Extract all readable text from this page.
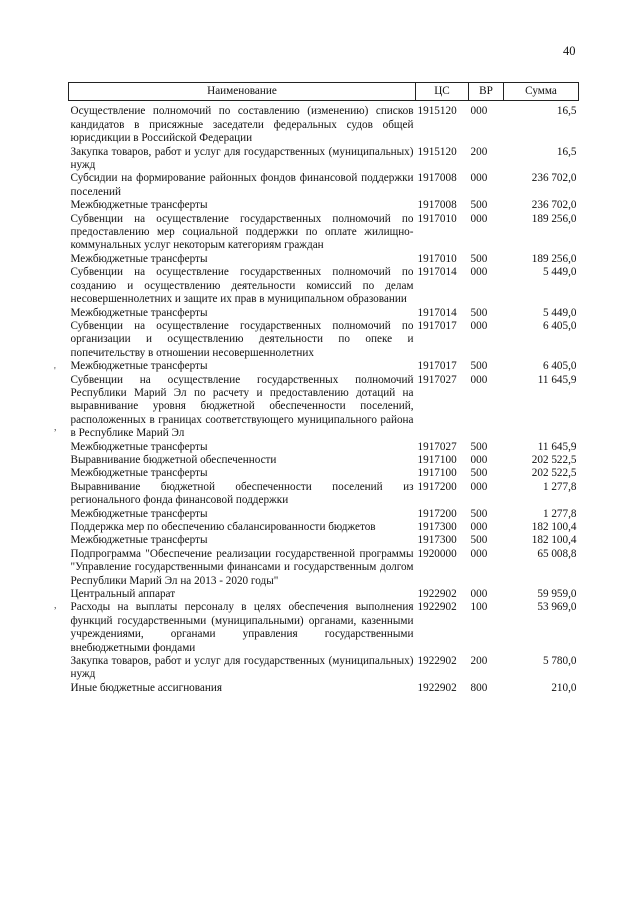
40
'
,
,
Наименование	ЦС	ВР	Сумма
Осуществление полномочий по составлению (изменению) списков кандидатов в присяжные заседатели федеральных судов общей юрисдикции в Российской Федерации	1915120	000	16,5
Закупка товаров, работ и услуг для государственных (муниципальных) нужд	1915120	200	16,5
Субсидии на формирование районных фондов финансовой поддержки поселений	1917008	000	236 702,0
Межбюджетные трансферты	1917008	500	236 702,0
Субвенции на осуществление государственных полномочий по предоставлению мер социальной поддержки по оплате жилищно-коммунальных услуг некоторым категориям граждан	1917010	000	189 256,0
Межбюджетные трансферты	1917010	500	189 256,0
Субвенции на осуществление государственных полномочий по созданию и осуществлению деятельности комиссий по делам несовершеннолетних и защите их прав в муниципальном образовании	1917014	000	5 449,0
Межбюджетные трансферты	1917014	500	5 449,0
Субвенции на осуществление государственных полномочий по организации и осуществлению деятельности по опеке и попечительству в отношении несовершеннолетних	1917017	000	6 405,0
Межбюджетные трансферты	1917017	500	6 405,0
Субвенции на осуществление государственных полномочий Республики Марий Эл по расчету и предоставлению дотаций на выравнивание уровня бюджетной обеспеченности поселений, расположенных в границах соответствующего муниципального района в Республике Марий Эл	1917027	000	11 645,9
Межбюджетные трансферты	1917027	500	11 645,9
Выравнивание бюджетной обеспеченности	1917100	000	202 522,5
Межбюджетные трансферты	1917100	500	202 522,5
Выравнивание бюджетной обеспеченности поселений из регионального фонда финансовой поддержки	1917200	000	1 277,8
Межбюджетные трансферты	1917200	500	1 277,8
Поддержка мер по обеспечению сбалансированности бюджетов	1917300	000	182 100,4
Межбюджетные трансферты	1917300	500	182 100,4
Подпрограмма "Обеспечение реализации государственной программы "Управление государственными финансами и государственным долгом Республики Марий Эл на 2013 - 2020 годы"	1920000	000	65 008,8
Центральный аппарат	1922902	000	59 959,0
Расходы на выплаты персоналу в целях обеспечения выполнения функций государственными (муниципальными) органами, казенными учреждениями, органами управления государственными внебюджетными фондами	1922902	100	53 969,0
Закупка товаров, работ и услуг для государственных (муниципальных) нужд	1922902	200	5 780,0
Иные бюджетные ассигнования	1922902	800	210,0
